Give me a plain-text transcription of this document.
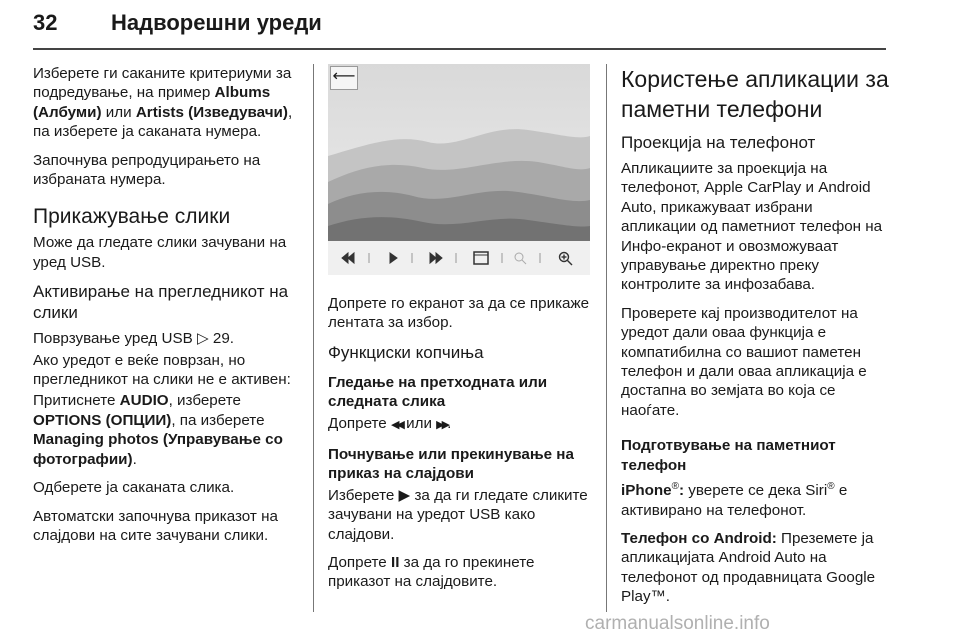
32 Надворешни уреди

Изберете ги саканите критериуми за подредување, на пример Albums (Албуми) или Artists (Изведувачи), па изберете ја саканата нумера.

Започнува репродуцирањето на избраната нумера.

Прикажување слики

Може да гледате слики зачувани на уред USB.

Активирање на прегледникот на слики

Поврзување уред USB ▷ 29.

Ако уредот е веќе поврзан, но прегледникот на слики не е активен:

Притиснете AUDIO, изберете OPTIONS (ОПЦИИ), па изберете Managing photos (Управување со фотографии).

Одберете ја саканата слика.

Автоматски започнува приказот на слајдови на сите зачувани слики.

⟵

Допрете го екранот за да се прикаже лентата за избор.

Функциски копчиња
Гледање на претходната или следната слика

Допрете ◀◀ или ▶▶.

Почнување или прекинување на приказ на слајдови

Изберете ▶ за да ги гледате сликите зачувани на уредот USB како слајдови.

Допрете II за да го прекинете приказот на слајдовите.

Користење апликации за паметни телефони
Проекција на телефонот

Апликациите за проекција на телефонот, Apple CarPlay и Android Auto, прикажуваат избрани апликации од паметниот телефон на Инфо-екранот и овозможуваат управување директно преку контролите за инфозабава.

Проверете кај производителот на уредот дали оваа функција е компатибилна со вашиот паметен телефон и дали оваа апликација е достапна во земјата во која се наоѓате.

Подготвување на паметниот телефон

iPhone®: уверете се дека Siri® е активирано на телефонот.

Телефон со Android: Преземете ја апликацијата Android Auto на телефонот од продавницата Google Play™.

carmanualsonline.info
